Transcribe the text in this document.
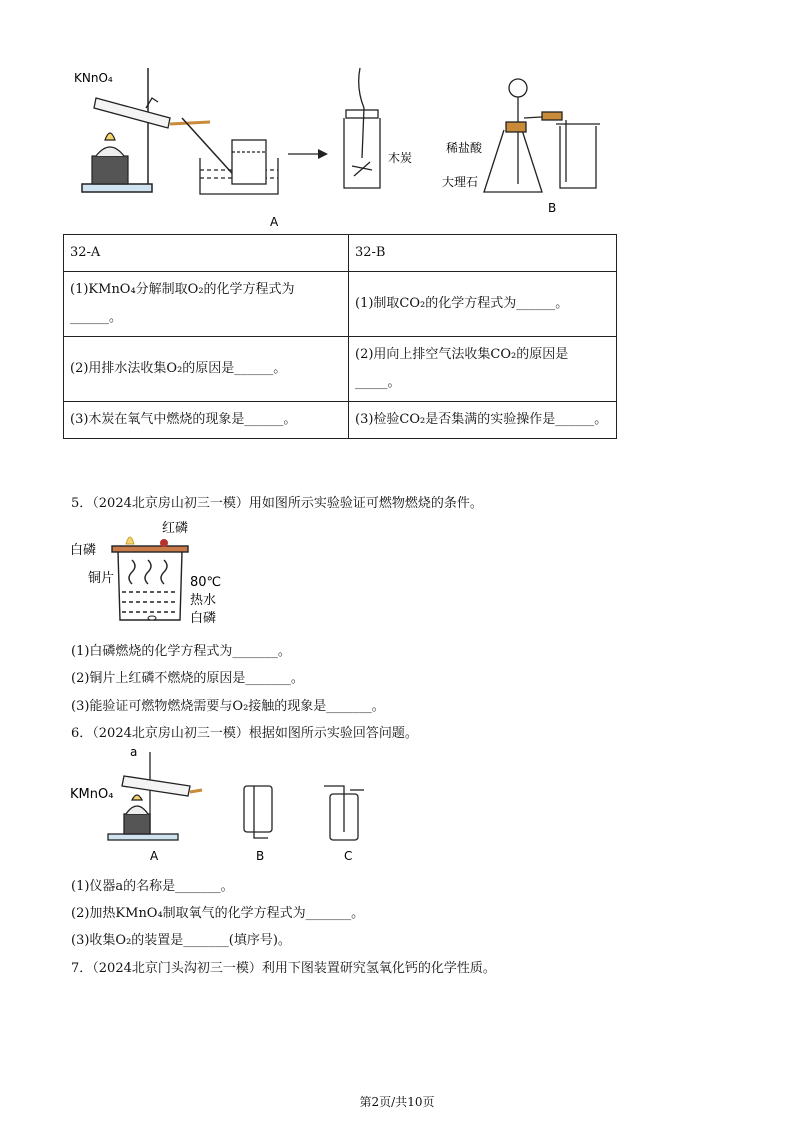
KNnO₄
木炭
稀盐酸
大理石
A
B
32-A	32-B
(1)KMnO₄分解制取O₂的化学方程式为______。	(1)制取CO₂的化学方程式为______。
(2)用排水法收集O₂的原因是______。	(2)用向上排空气法收集CO₂的原因是_____。
(3)木炭在氧气中燃烧的现象是______。	(3)检验CO₂是否集满的实验操作是______。
5．（2024北京房山初三一模）用如图所示实验验证可燃物燃烧的条件。
白磷
红磷
铜片	80℃
热水
白磷
(1)白磷燃烧的化学方程式为_______。
(2)铜片上红磷不燃烧的原因是_______。
(3)能验证可燃物燃烧需要与O₂接触的现象是_______。
6．（2024北京房山初三一模）根据如图所示实验回答问题。
a
KMnO₄
A	B	C
(1)仪器a的名称是_______。
(2)加热KMnO₄制取氧气的化学方程式为_______。
(3)收集O₂的装置是_______(填序号)。
7．（2024北京门头沟初三一模）利用下图装置研究氢氧化钙的化学性质。
第2页/共10页
